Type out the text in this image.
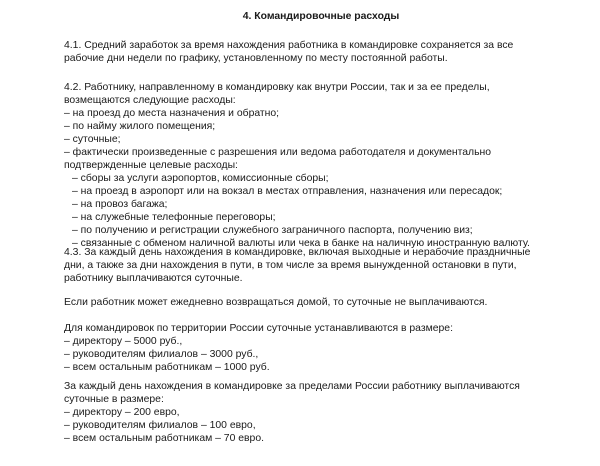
4. Командировочные расходы
4.1. Средний заработок за время нахождения работника в командировке сохраняется за все
рабочие дни недели по графику, установленному по месту постоянной работы.
4.2. Работнику, направленному в командировку как внутри России, так и за ее пределы,
возмещаются следующие расходы:
– на проезд до места назначения и обратно;
– по найму жилого помещения;
– суточные;
– фактически произведенные с разрешения или ведома работодателя и документально
подтвержденные целевые расходы:
– сборы за услуги аэропортов, комиссионные сборы;
– на проезд в аэропорт или на вокзал в местах отправления, назначения или пересадок;
– на провоз багажа;
– на служебные телефонные переговоры;
– по получению и регистрации служебного заграничного паспорта, получению виз;
– связанные с обменом наличной валюты или чека в банке на наличную иностранную валюту.
4.3. За каждый день нахождения в командировке, включая выходные и нерабочие праздничные
дни, а также за дни нахождения в пути, в том числе за время вынужденной остановки в пути,
работнику выплачиваются суточные.
Если работник может ежедневно возвращаться домой, то суточные не выплачиваются.
Для командировок по территории России суточные устанавливаются в размере:
– директору – 5000 руб.,
– руководителям филиалов – 3000 руб.,
– всем остальным работникам – 1000 руб.
За каждый день нахождения в командировке за пределами России работнику выплачиваются
суточные в размере:
– директору – 200 евро,
– руководителям филиалов – 100 евро,
– всем остальным работникам – 70 евро.
